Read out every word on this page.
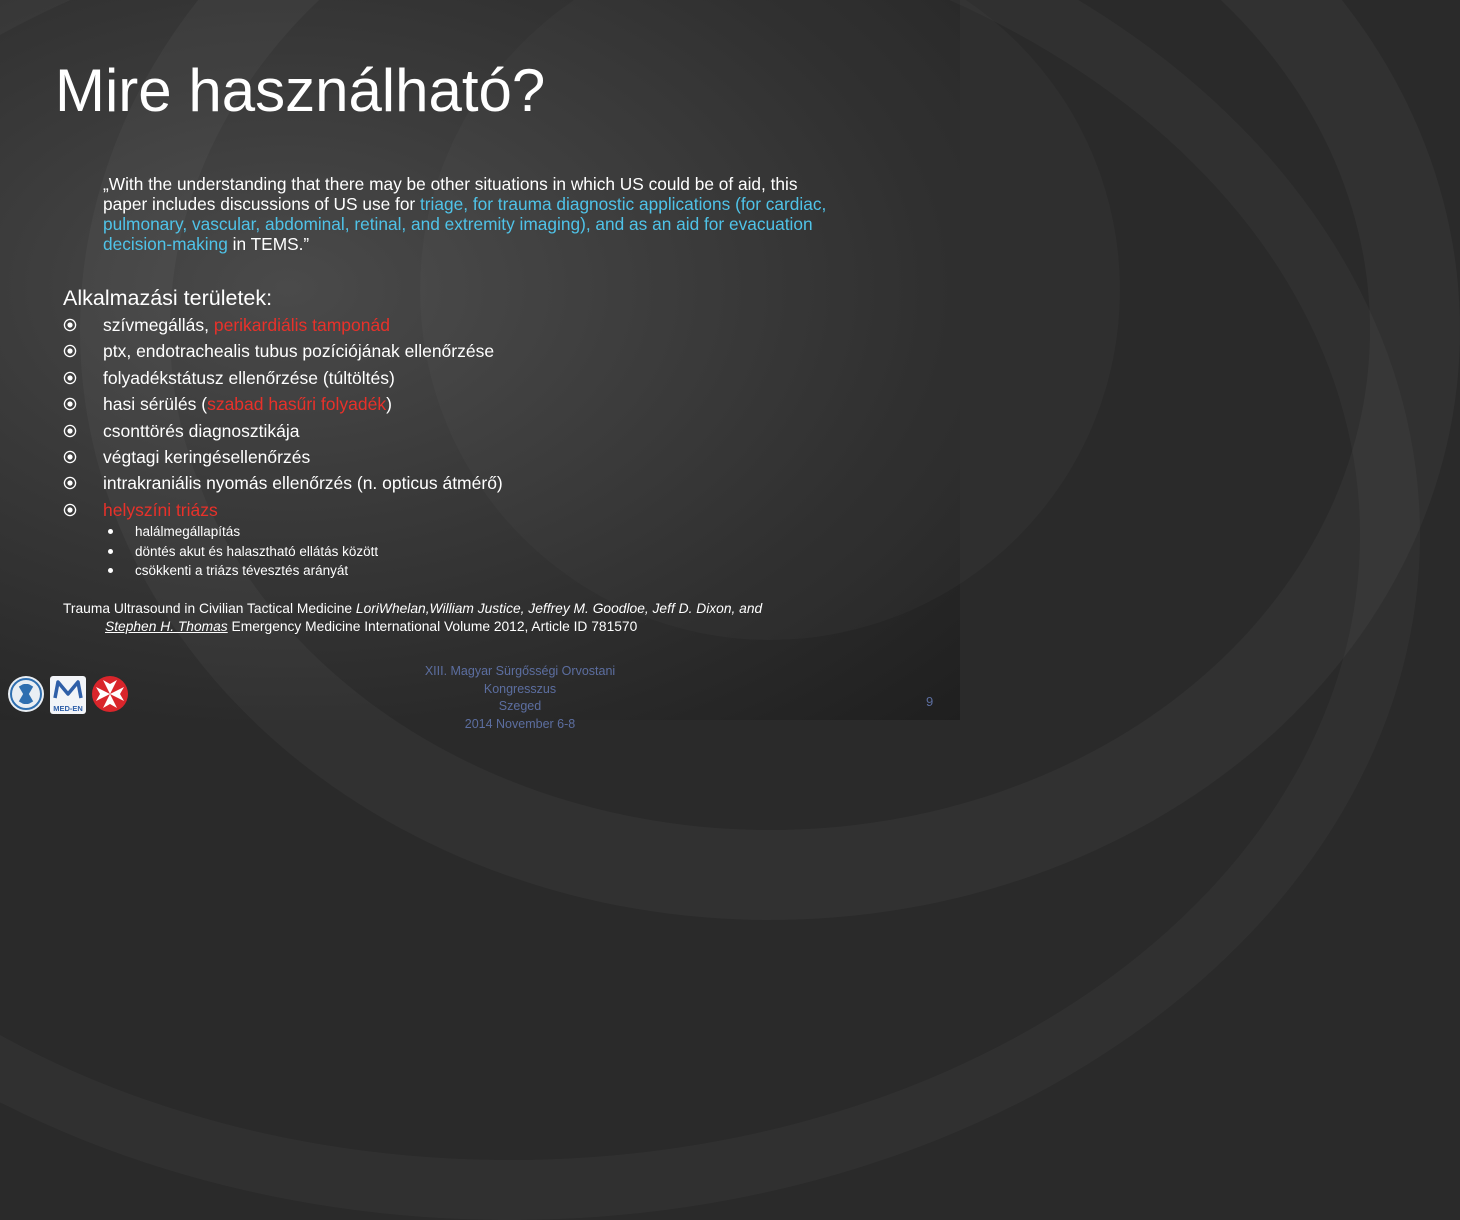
Mire használható?

„With the understanding that there may be other situations in which US could be of aid, this paper includes discussions of US use for triage, for trauma diagnostic applications (for cardiac, pulmonary, vascular, abdominal, retinal, and extremity imaging), and as an aid for evacuation decision-making in TEMS.”

Alkalmazási területek:
szívmegállás, perikardiális tamponád
ptx, endotrachealis tubus pozíciójának ellenőrzése
folyadékstátusz ellenőrzése (túltöltés)
hasi sérülés (szabad hasűri folyadék)
csonttörés diagnosztikája
végtagi keringésellenőrzés
intrakraniális nyomás ellenőrzés (n. opticus átmérő)
helyszíni triázs
halálmegállapítás
döntés akut és halasztható ellátás között
csökkenti a triázs tévesztés arányát

Trauma Ultrasound in Civilian Tactical Medicine LoriWhelan,William Justice, Jeffrey M. Goodloe, Jeff D. Dixon, and
Stephen H. Thomas Emergency Medicine International Volume 2012, Article ID 781570

MED-EN
XIII. Magyar Sürgősségi Orvostani Kongresszus
Szeged
2014 November 6-8
9
